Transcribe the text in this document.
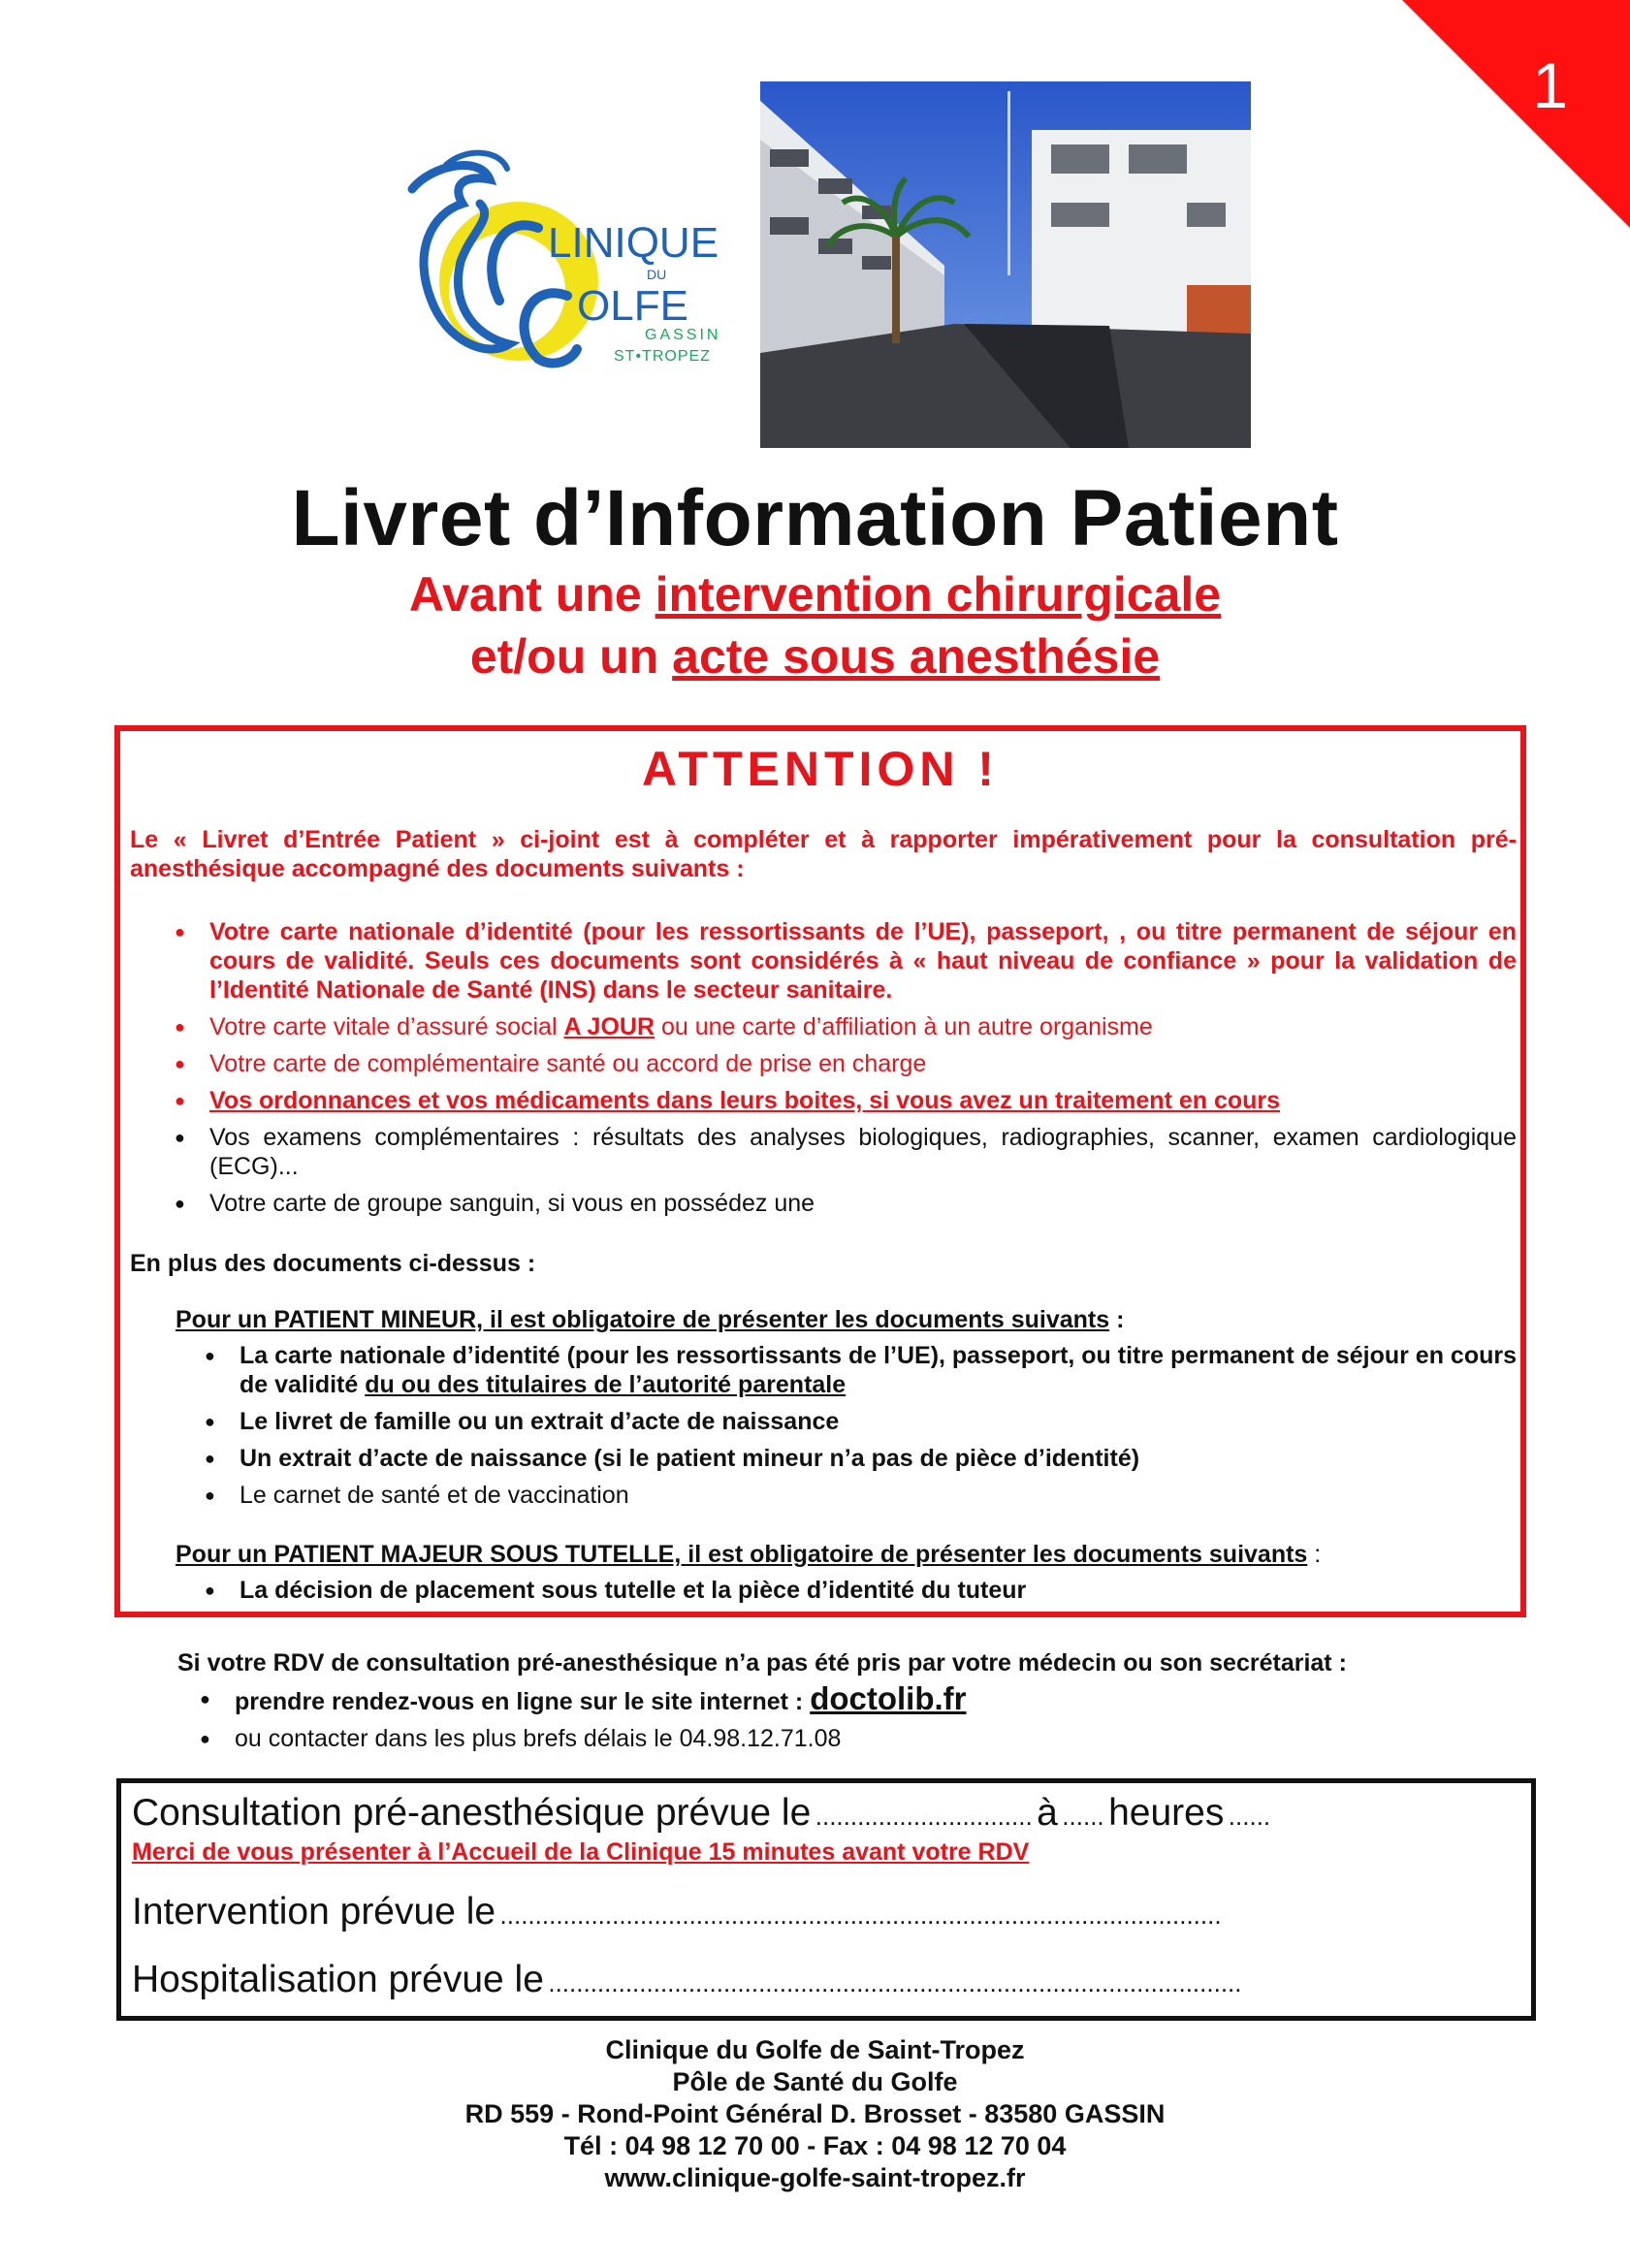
1
LINIQUE
DU
OLFE
GASSIN
ST•TROPEZ
Livret d’Information Patient
Avant une intervention chirurgicale
et/ou un acte sous anesthésie
ATTENTION !
Le « Livret d’Entrée Patient » ci-joint est à compléter et à rapporter impérativement pour la consultation pré-anesthésique accompagné des documents suivants :
● Votre carte nationale d’identité (pour les ressortissants de l’UE), passeport, , ou titre permanent de séjour en cours de validité. Seuls ces documents sont considérés à « haut niveau de confiance » pour la validation de l’Identité Nationale de Santé (INS) dans le secteur sanitaire.
● Votre carte vitale d’assuré social A JOUR ou une carte d’affiliation à un autre organisme
● Votre carte de complémentaire santé ou accord de prise en charge
● Vos ordonnances et vos médicaments dans leurs boites, si vous avez un traitement en cours
● Vos examens complémentaires : résultats des analyses biologiques, radiographies, scanner, examen cardiologique (ECG)...
● Votre carte de groupe sanguin, si vous en possédez une
En plus des documents ci-dessus :
Pour un PATIENT MINEUR, il est obligatoire de présenter les documents suivants :
● La carte nationale d’identité (pour les ressortissants de l’UE), passeport, ou titre permanent de séjour en cours de validité du ou des titulaires de l’autorité parentale
● Le livret de famille ou un extrait d’acte de naissance
● Un extrait d’acte de naissance (si le patient mineur n’a pas de pièce d’identité)
● Le carnet de santé et de vaccination
Pour un PATIENT MAJEUR SOUS TUTELLE, il est obligatoire de présenter les documents suivants :
● La décision de placement sous tutelle et la pièce d’identité du tuteur
Si votre RDV de consultation pré-anesthésique n’a pas été pris par votre médecin ou son secrétariat :
● prendre rendez-vous en ligne sur le site internet : doctolib.fr
● ou contacter dans les plus brefs délais le 04.98.12.71.08
Consultation pré-anesthésique prévue le ............................... à ...... heures ......
Merci de vous présenter à l’Accueil de la Clinique 15 minutes avant votre RDV
Intervention prévue le .......................................................................................................
Hospitalisation prévue le ...................................................................................................
Clinique du Golfe de Saint-Tropez
Pôle de Santé du Golfe
RD 559 - Rond-Point Général D. Brosset - 83580 GASSIN
Tél : 04 98 12 70 00 - Fax : 04 98 12 70 04
www.clinique-golfe-saint-tropez.fr
